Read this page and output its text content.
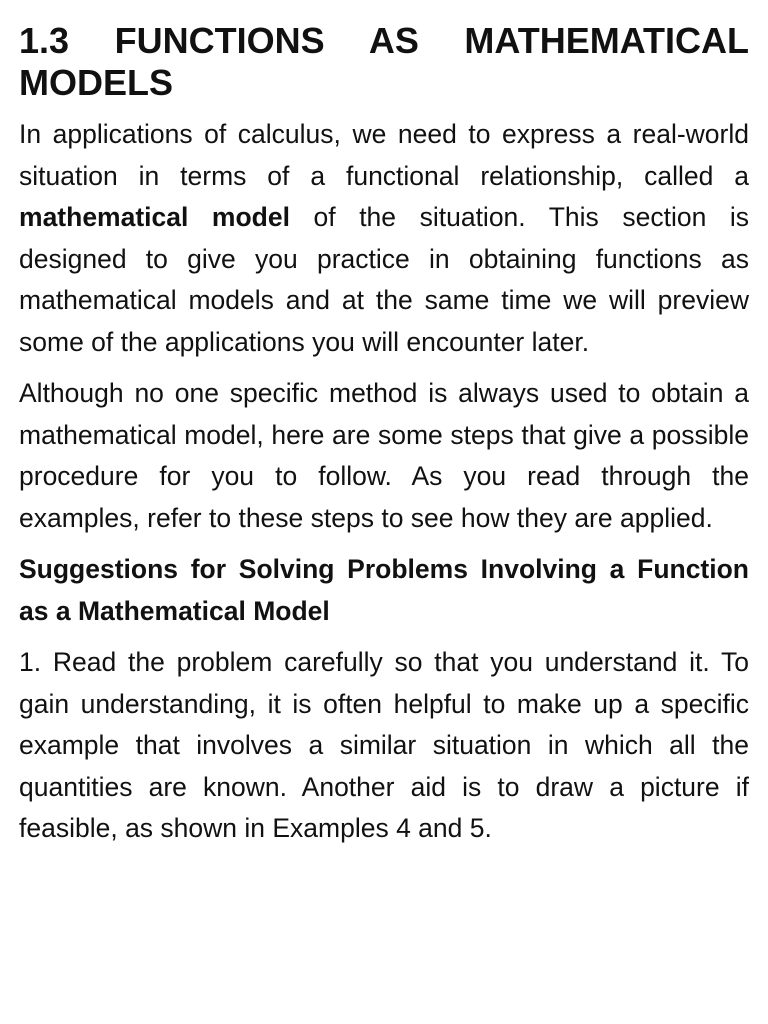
1.3 FUNCTIONS AS MATHEMATICAL MODELS

In applications of calculus, we need to express a real-world situation in terms of a functional relationship, called a mathematical model of the situation. This section is designed to give you practice in obtaining functions as mathematical models and at the same time we will preview some of the applications you will encounter later.

Although no one specific method is always used to obtain a mathematical model, here are some steps that give a possible procedure for you to follow. As you read through the examples, refer to these steps to see how they are applied.

Suggestions for Solving Problems Involving a Function as a Mathematical Model

1. Read the problem carefully so that you understand it. To gain understanding, it is often helpful to make up a specific example that involves a similar situation in which all the quantities are known. Another aid is to draw a picture if feasible, as shown in Examples 4 and 5.
